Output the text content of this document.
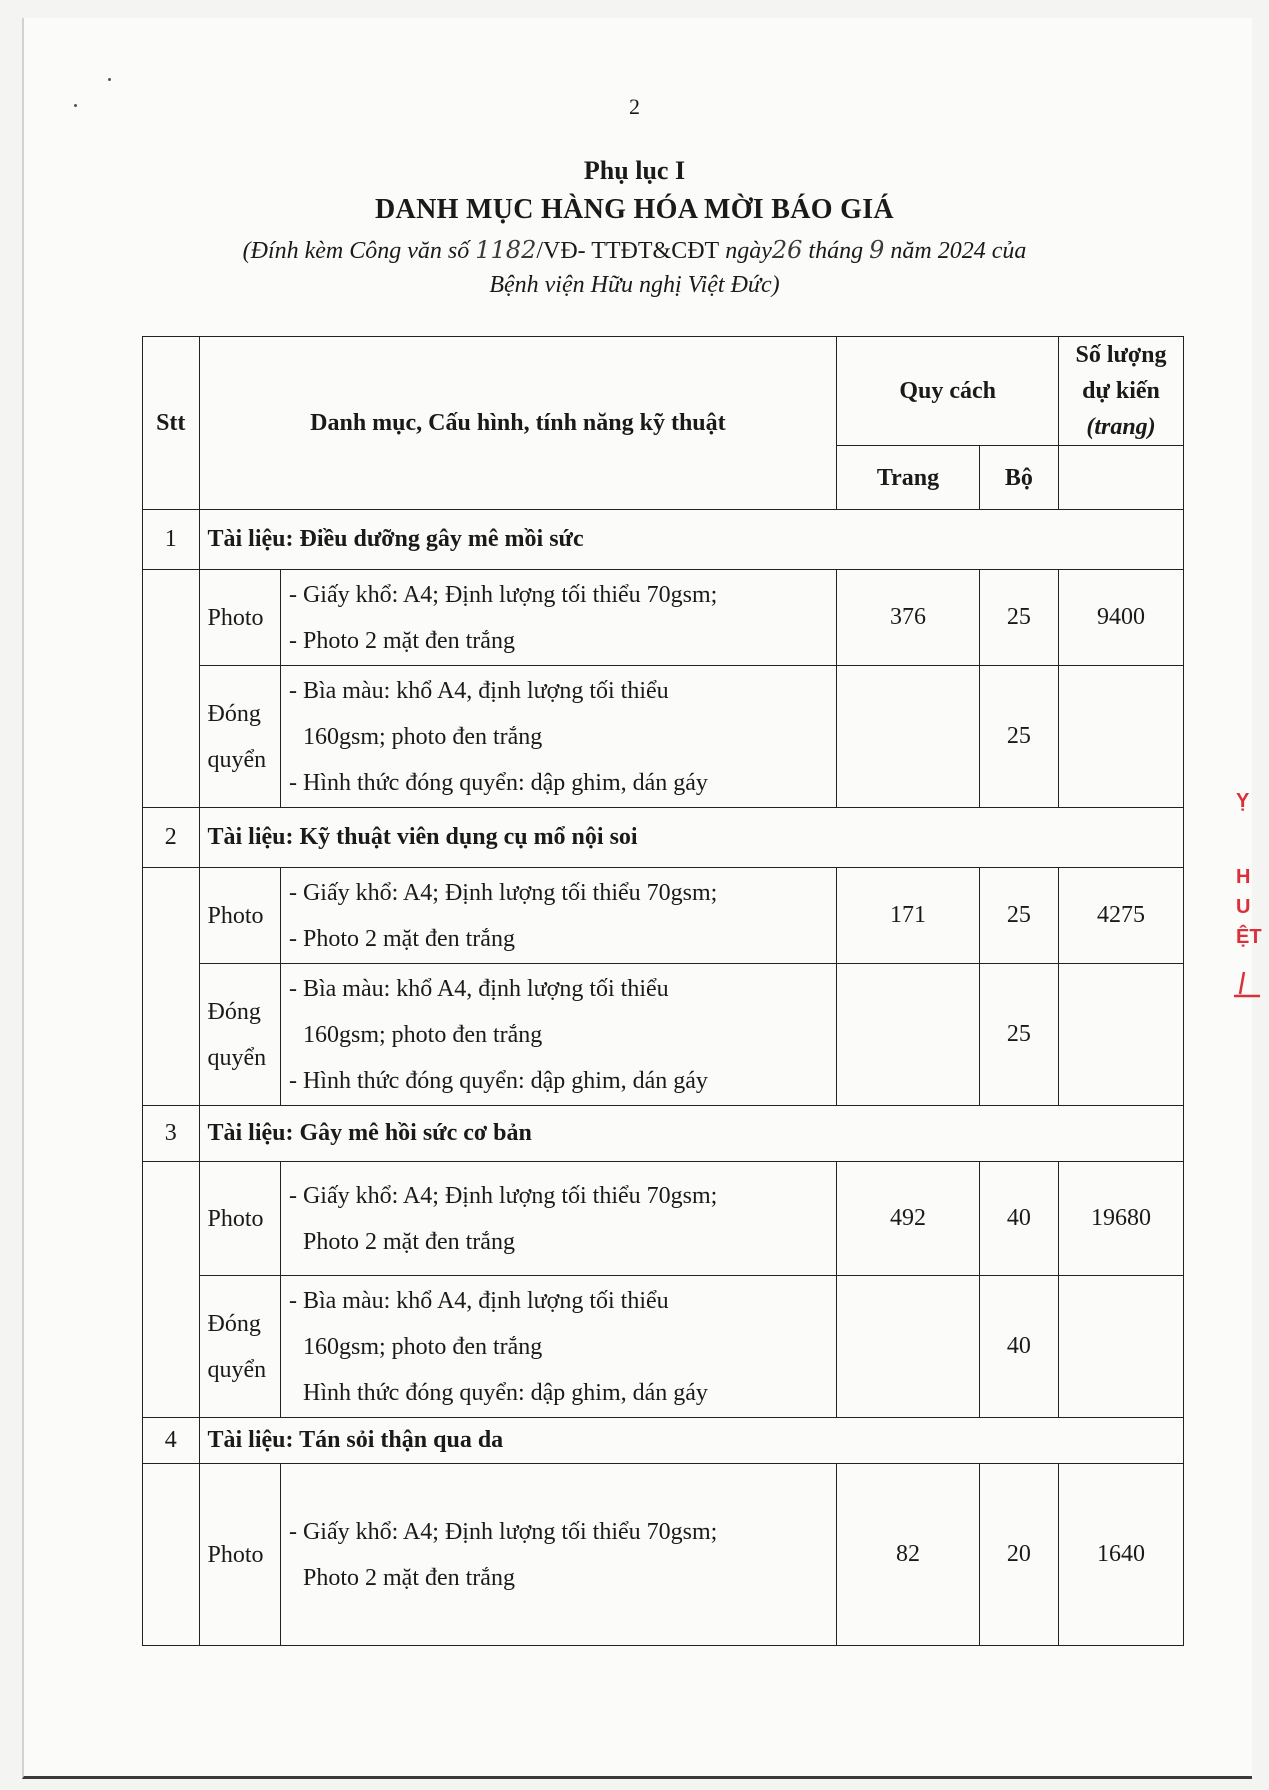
2
Phụ lục I
DANH MỤC HÀNG HÓA MỜI BÁO GIÁ
(Đính kèm Công văn số 1182/VĐ- TTĐT&CĐT ngày26 tháng 9 năm 2024 của
Bệnh viện Hữu nghị Việt Đức)
Stt	Danh mục, Cấu hình, tính năng kỹ thuật		Quy cách		Số lượng
dự kiến
(trang)

			Trang	Bộ	
1	Tài liệu: Điều dưỡng gây mê mồi sức				
	Photo	- Giấy khổ: A4; Định lượng tối thiểu 70gsm;
- Photo 2 mặt đen trắng	376	25	9400

	Đóng
quyển	- Bìa màu: khổ A4, định lượng tối thiểu
160gsm; photo đen trắng
- Hình thức đóng quyển: dập ghim, dán gáy		25	
2	Tài liệu: Kỹ thuật viên dụng cụ mổ nội soi				
	Photo	- Giấy khổ: A4; Định lượng tối thiểu 70gsm;
- Photo 2 mặt đen trắng	171	25	4275

	Đóng
quyển	- Bìa màu: khổ A4, định lượng tối thiểu
160gsm; photo đen trắng
- Hình thức đóng quyển: dập ghim, dán gáy		25	
3	Tài liệu: Gây mê hồi sức cơ bản				
	Photo	- Giấy khổ: A4; Định lượng tối thiểu 70gsm;
Photo 2 mặt đen trắng	492	40	19680

	Đóng
quyển	- Bìa màu: khổ A4, định lượng tối thiểu
160gsm; photo đen trắng
Hình thức đóng quyển: dập ghim, dán gáy		40	
4	Tài liệu: Tán sỏi thận qua da				
	Photo	- Giấy khổ: A4; Định lượng tối thiểu 70gsm;
Photo 2 mặt đen trắng	82	20	1640
Ỵ
H
U
ỆT
